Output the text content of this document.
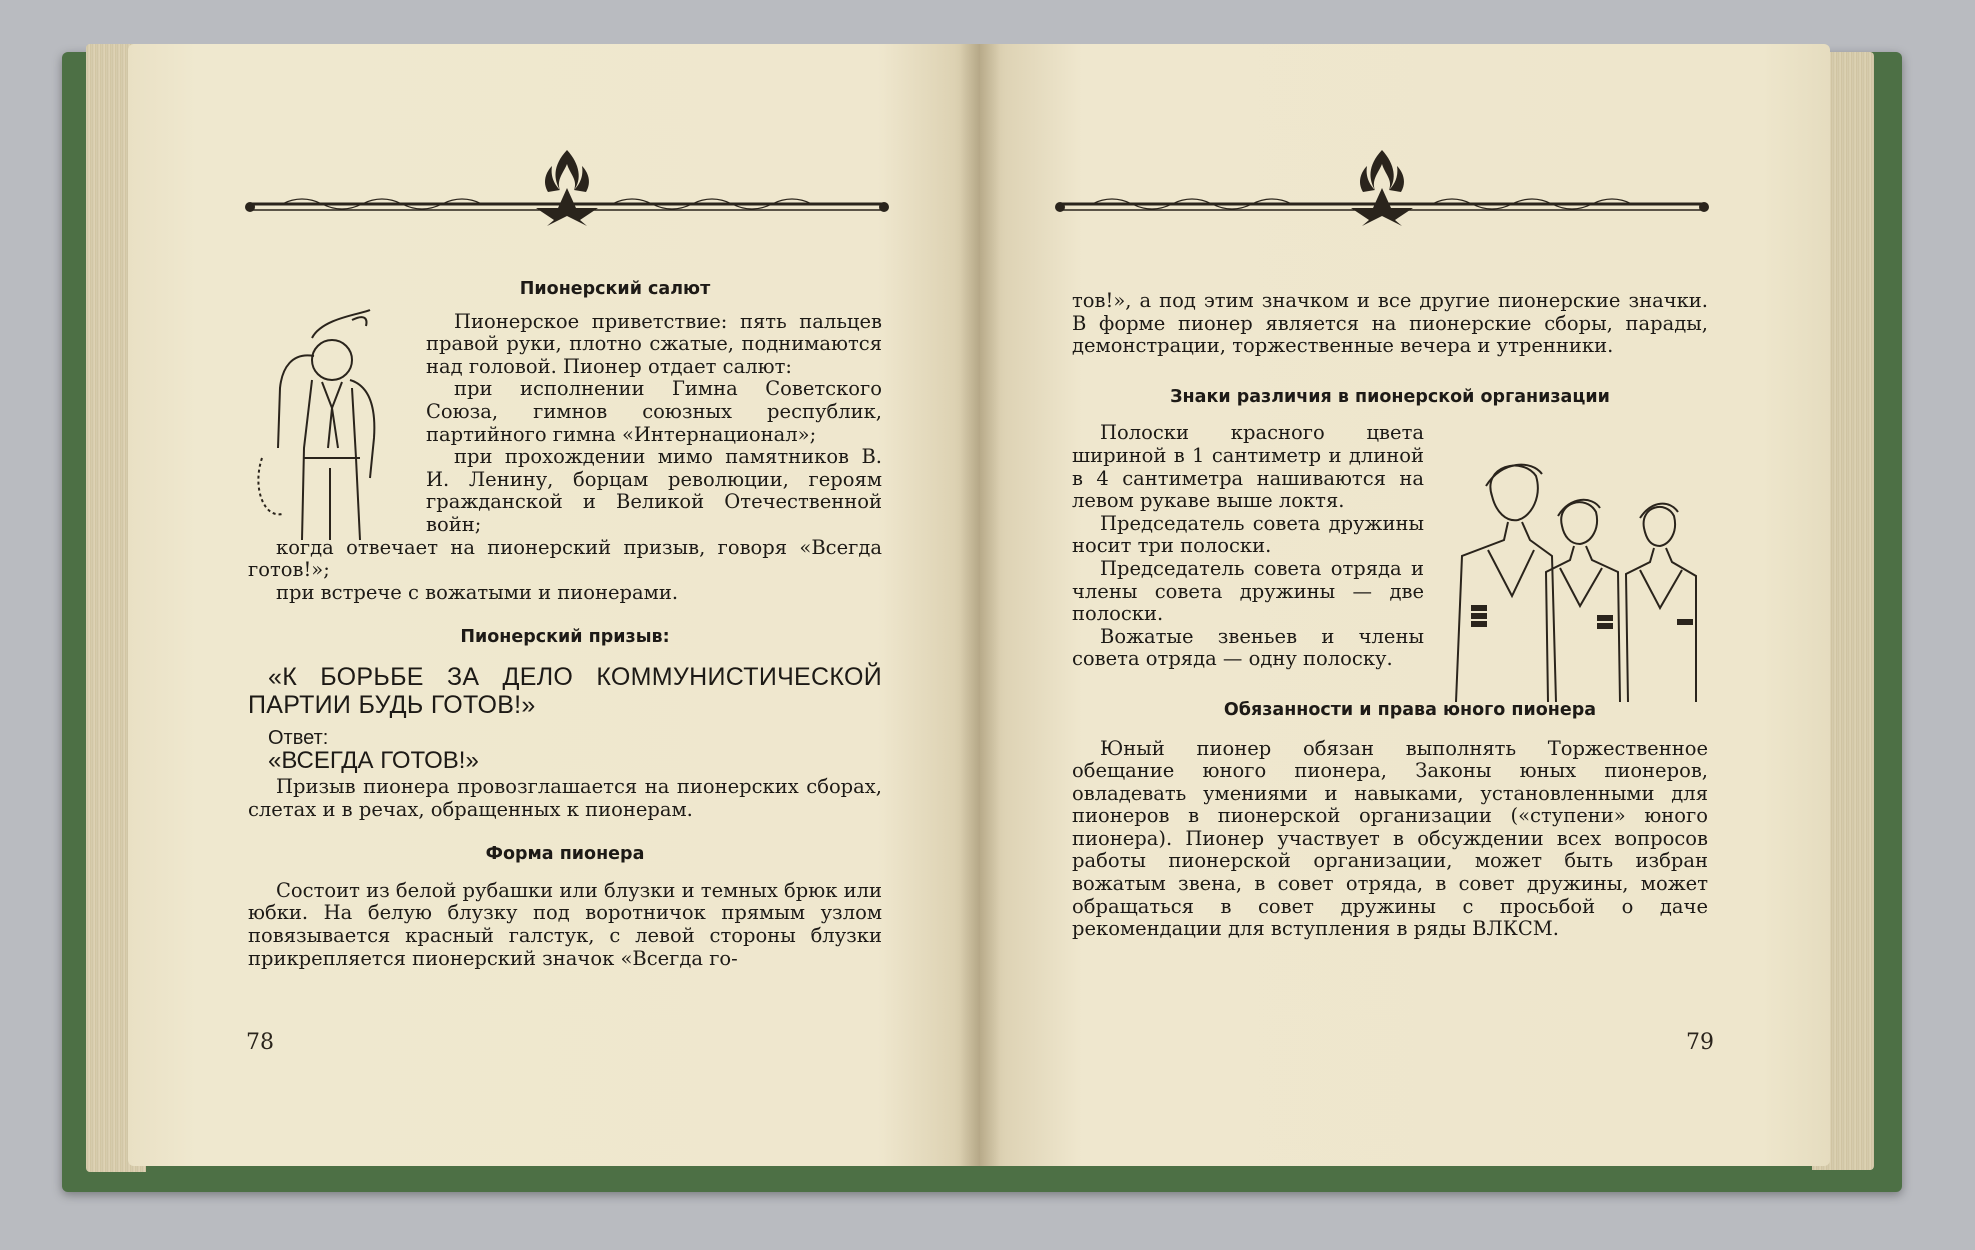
Пионерский салют

Пионерское приветствие: пять пальцев правой руки, плотно сжатые, поднимаются над головой. Пионер отдает салют:

при исполнении Гимна Советского Союза, гимнов союзных республик, партийного гимна «Интернационал»;

при прохождении мимо памятников В. И. Ленину, борцам революции, героям гражданской и Великой Отечественной войн;

когда отвечает на пионерский призыв, говоря «Всегда готов!»;

при встрече с вожатыми и пионерами.

Пионерский призыв:

«К БОРЬБЕ ЗА ДЕЛО КОММУНИСТИЧЕСКОЙ ПАРТИИ БУДЬ ГОТОВ!»

Ответ:

«ВСЕГДА ГОТОВ!»

Призыв пионера провозглашается на пионерских сборах, слетах и в речах, обращенных к пионерам.

Форма пионера

Состоит из белой рубашки или блузки и темных брюк или юбки. На белую блузку под воротничок прямым узлом повязывается красный галстук, с левой стороны блузки прикрепляется пионерский значок «Всегда го-

78

тов!», а под этим значком и все другие пионерские значки. В форме пионер является на пионерские сборы, парады, демонстрации, торжественные вечера и утренники.

Знаки различия в пионерской организации

Полоски красного цвета шириной в 1 сантиметр и длиной в 4 сантиметра нашиваются на левом рукаве выше локтя.

Председатель совета дружины носит три полоски.

Председатель совета отряда и члены совета дружины — две полоски.

Вожатые звеньев и члены совета отряда — одну полоску.

Обязанности и права юного пионера

Юный пионер обязан выполнять Торжественное обещание юного пионера, Законы юных пионеров, овладевать умениями и навыками, установленными для пионеров в пионерской организации («ступени» юного пионера). Пионер участвует в обсуждении всех вопросов работы пионерской организации, может быть избран вожатым звена, в совет отряда, в совет дружины, может обращаться в совет дружины с просьбой о даче рекомендации для вступления в ряды ВЛКСМ.

79
